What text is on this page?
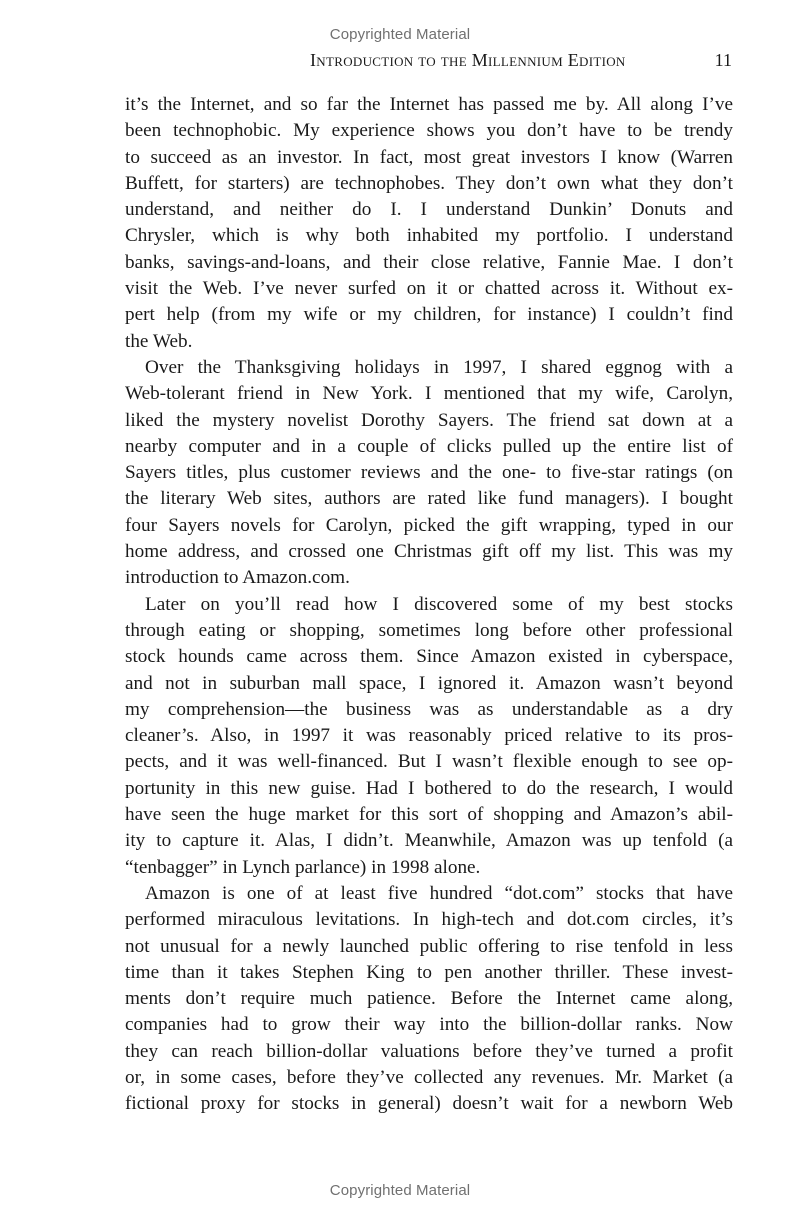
Copyrighted Material
Introduction to the Millennium Edition	11
it’s the Internet, and so far the Internet has passed me by. All along I’ve
been technophobic. My experience shows you don’t have to be trendy
to succeed as an investor. In fact, most great investors I know (Warren
Buffett, for starters) are technophobes. They don’t own what they don’t
understand, and neither do I. I understand Dunkin’ Donuts and
Chrysler, which is why both inhabited my portfolio. I understand
banks, savings-and-loans, and their close relative, Fannie Mae. I don’t
visit the Web. I’ve never surfed on it or chatted across it. Without ex-
pert help (from my wife or my children, for instance) I couldn’t find
the Web.
Over the Thanksgiving holidays in 1997, I shared eggnog with a
Web-tolerant friend in New York. I mentioned that my wife, Carolyn,
liked the mystery novelist Dorothy Sayers. The friend sat down at a
nearby computer and in a couple of clicks pulled up the entire list of
Sayers titles, plus customer reviews and the one- to five-star ratings (on
the literary Web sites, authors are rated like fund managers). I bought
four Sayers novels for Carolyn, picked the gift wrapping, typed in our
home address, and crossed one Christmas gift off my list. This was my
introduction to Amazon.com.
Later on you’ll read how I discovered some of my best stocks
through eating or shopping, sometimes long before other professional
stock hounds came across them. Since Amazon existed in cyberspace,
and not in suburban mall space, I ignored it. Amazon wasn’t beyond
my comprehension—the business was as understandable as a dry
cleaner’s. Also, in 1997 it was reasonably priced relative to its pros-
pects, and it was well-financed. But I wasn’t flexible enough to see op-
portunity in this new guise. Had I bothered to do the research, I would
have seen the huge market for this sort of shopping and Amazon’s abil-
ity to capture it. Alas, I didn’t. Meanwhile, Amazon was up tenfold (a
“tenbagger” in Lynch parlance) in 1998 alone.
Amazon is one of at least five hundred “dot.com” stocks that have
performed miraculous levitations. In high-tech and dot.com circles, it’s
not unusual for a newly launched public offering to rise tenfold in less
time than it takes Stephen King to pen another thriller. These invest-
ments don’t require much patience. Before the Internet came along,
companies had to grow their way into the billion-dollar ranks. Now
they can reach billion-dollar valuations before they’ve turned a profit
or, in some cases, before they’ve collected any revenues. Mr. Market (a
fictional proxy for stocks in general) doesn’t wait for a newborn Web
Copyrighted Material
